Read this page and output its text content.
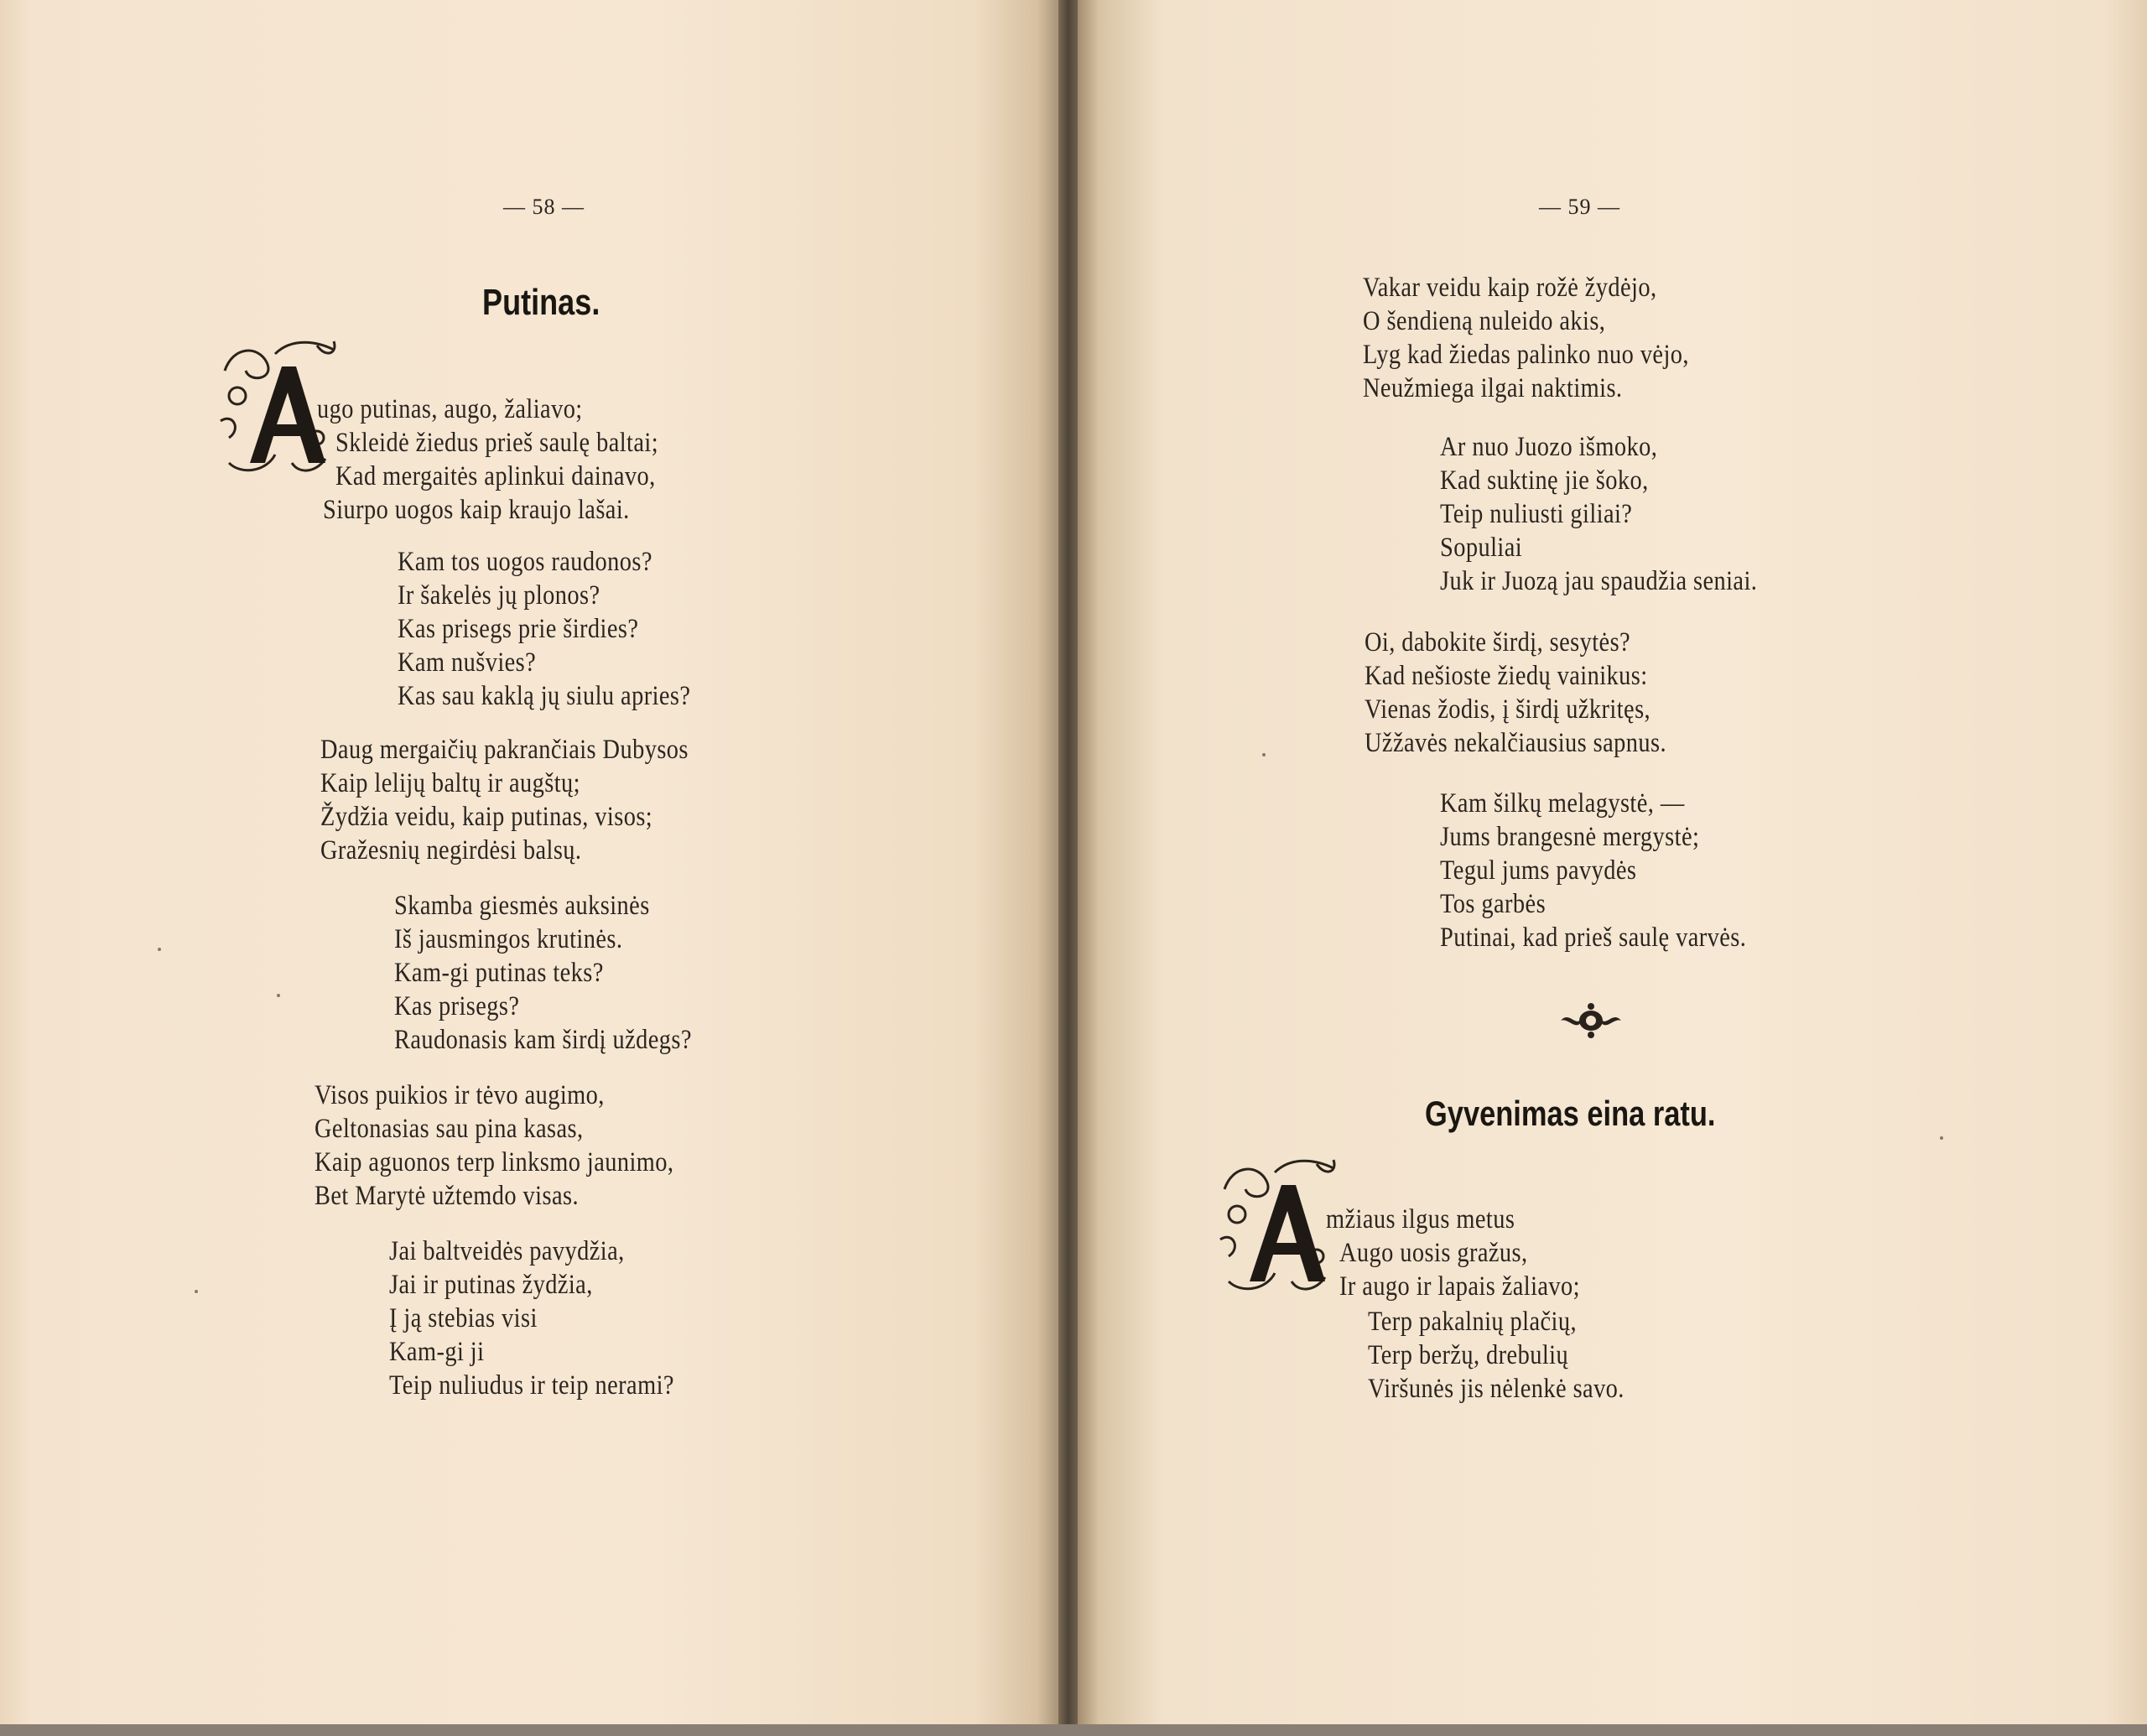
— 58 —
Putinas.
ugo putinas, augo, žaliavo;
Skleidė žiedus prieš saulę baltai;
Kad mergaitės aplinkui dainavo,
Siurpo uogos kaip kraujo lašai.
Kam tos uogos raudonos?
Ir šakelės jų plonos?
Kas prisegs prie širdies?
Kam nušvies?
Kas sau kaklą jų siulu apries?
Daug mergaičių pakrančiais Dubysos
Kaip lelijų baltų ir augštų;
Žydžia veidu, kaip putinas, visos;
Gražesnių negirdėsi balsų.
Skamba giesmės auksinės
Iš jausmingos krutinės.
Kam-gi putinas teks?
Kas prisegs?
Raudonasis kam širdį uždegs?
Visos puikios ir tėvo augimo,
Geltonasias sau pina kasas,
Kaip aguonos terp linksmo jaunimo,
Bet Marytė užtemdo visas.
Jai baltveidės pavydžia,
Jai ir putinas žydžia,
Į ją stebias visi
Kam-gi ji
Teip nuliudus ir teip nerami?
— 59 —
Vakar veidu kaip rožė žydėjo,
O šendieną nuleido akis,
Lyg kad žiedas palinko nuo vėjo,
Neužmiega ilgai naktimis.
Ar nuo Juozo išmoko,
Kad suktinę jie šoko,
Teip nuliusti giliai?
Sopuliai
Juk ir Juozą jau spaudžia seniai.
Oi, dabokite širdį, sesytės?
Kad nešioste žiedų vainikus:
Vienas žodis, į širdį užkritęs,
Užžavės nekalčiausius sapnus.
Kam šilkų melagystė, —
Jums brangesnė mergystė;
Tegul jums pavydės
Tos garbės
Putinai, kad prieš saulę varvės.
Gyvenimas eina ratu.
mžiaus ilgus metus
Augo uosis gražus,
Ir augo ir lapais žaliavo;
Terp pakalnių plačių,
Terp beržų, drebulių
Viršunės jis nėlenkė savo.
